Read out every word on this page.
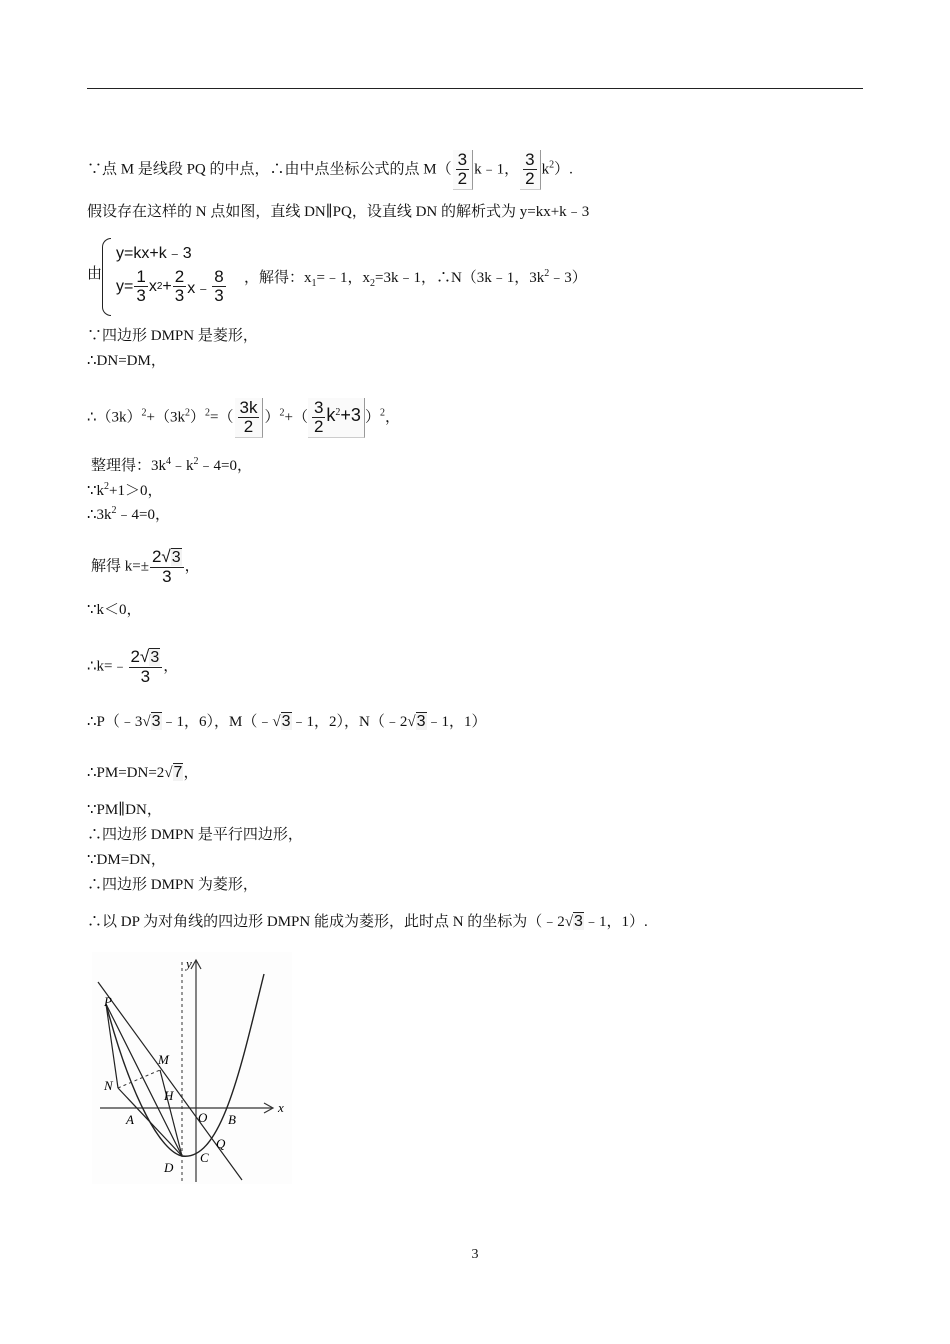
∵点 M 是线段 PQ 的中点，∴由中点坐标公式的点 $M( \frac{3}{2}$ k﹣1， $\frac{3}{2} k^2$）.
假设存在这样的 N 点如图，直线 DN∥PQ，设直线 DN 的解析式为 y=kx+k﹣3
由
y=kx+k﹣3
$y= \frac{1}{3}$ x $2 + \frac{2}{3}$ x﹣ $\frac{8}{3}$ ，解得：$x_1=﹣1$，$x_2=3k﹣1$，∴N（3k﹣1，$3k^2﹣3$）
∵四边形 DMPN 是菱形，
∴DN=DM，
$\therefore(3k)^2+(3k^2)^2=( \frac{3k}{2} )^2+( \frac{3}{2} k^2+3$ ）$^2$，
整理得：$3k^4﹣k^2﹣4=0$，
$\because k^2+1>0$，
$\therefore 3k^2﹣4=0$，
解得 $k=\pm \frac{2√3}{3}$ ，
∵k＜0，
∴k=﹣ $\frac{2√3}{3}$ ，
∴P（﹣3√3﹣1，6），M（﹣√3﹣1，2），N（﹣2√3﹣1，1）
∴PM=DN=2√7，
∵PM∥DN，
∴四边形 DMPN 是平行四边形，
∵DM=DN，
∴四边形 DMPN 为菱形，
∴以 DP 为对角线的四边形 DMPN 能成为菱形，此时点 N 的坐标为（﹣2√3﹣1，1）.
P
M
N
H
A	O B
Q
D
C
y
x
3
